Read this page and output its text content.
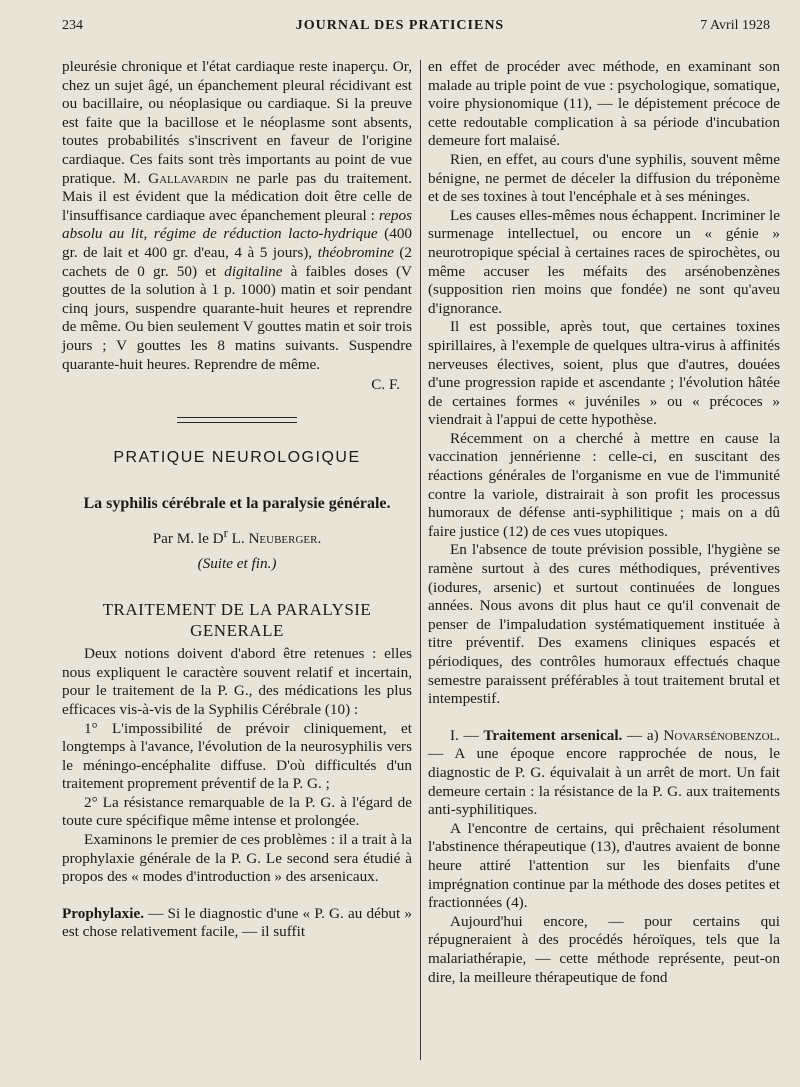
234	JOURNAL DES PRATICIENS	7 Avril 1928

pleurésie chronique et l'état cardiaque reste inaperçu. Or, chez un sujet âgé, un épanchement pleural récidivant est ou bacillaire, ou néoplasique ou cardiaque. Si la preuve est faite que la bacillose et le néoplasme sont absents, toutes probabilités s'inscrivent en faveur de l'origine cardiaque. Ces faits sont très importants au point de vue pratique. M. Gallavardin ne parle pas du traitement. Mais il est évident que la médication doit être celle de l'insuffisance cardiaque avec épanchement pleural : repos absolu au lit, régime de réduction lacto-hydrique (400 gr. de lait et 400 gr. d'eau, 4 à 5 jours), théobromine (2 cachets de 0 gr. 50) et digitaline à faibles doses (V gouttes de la solution à 1 p. 1000) matin et soir pendant cinq jours, suspendre quarante-huit heures et reprendre de même. Ou bien seulement V gouttes matin et soir trois jours ; V gouttes les 8 matins suivants. Suspendre quarante-huit heures. Reprendre de même.

C. F.

PRATIQUE NEUROLOGIQUE

La syphilis cérébrale et la paralysie générale.

Par M. le $D^r$ L. Neuberger.

(Suite et fin.)

TRAITEMENT DE LA PARALYSIE GENERALE

Deux notions doivent d'abord être retenues : elles nous expliquent le caractère souvent relatif et incertain, pour le traitement de la P. G., des médications les plus efficaces vis-à-vis de la Syphilis Cérébrale (10) :

1° L'impossibilité de prévoir cliniquement, et longtemps à l'avance, l'évolution de la neurosyphilis vers le méningo-encéphalite diffuse. D'où difficultés d'un traitement proprement préventif de la P. G. ;

2° La résistance remarquable de la P. G. à l'égard de toute cure spécifique même intense et prolongée.

Examinons le premier de ces problèmes : il a trait à la prophylaxie générale de la P. G. Le second sera étudié à propos des « modes d'introduction » des arsenicaux.

Prophylaxie. — Si le diagnostic d'une « P. G. au début » est chose relativement facile, — il suffit

en effet de procéder avec méthode, en examinant son malade au triple point de vue : psychologique, somatique, voire physionomique (11), — le dépistement précoce de cette redoutable complication à sa période d'incubation demeure fort malaisé.

Rien, en effet, au cours d'une syphilis, souvent même bénigne, ne permet de déceler la diffusion du tréponème et de ses toxines à tout l'encéphale et à ses méninges.

Les causes elles-mêmes nous échappent. Incriminer le surmenage intellectuel, ou encore un « génie » neurotropique spécial à certaines races de spirochètes, ou même accuser les méfaits des arsénobenzènes (supposition rien moins que fondée) ne sont qu'aveu d'ignorance.

Il est possible, après tout, que certaines toxines spirillaires, à l'exemple de quelques ultra-virus à affinités nerveuses électives, soient, plus que d'autres, douées d'une progression rapide et ascendante ; l'évolution hâtée de certaines formes « juvéniles » ou « précoces » viendrait à l'appui de cette hypothèse.

Récemment on a cherché à mettre en cause la vaccination jennérienne : celle-ci, en suscitant des réactions générales de l'organisme en vue de l'immunité contre la variole, distrairait à son profit les processus humoraux de défense anti-syphilitique ; mais on a dû faire justice (12) de ces vues utopiques.

En l'absence de toute prévision possible, l'hygiène se ramène surtout à des cures méthodiques, préventives (iodures, arsenic) et surtout continuées de longues années. Nous avons dit plus haut ce qu'il convenait de penser de l'impaludation systématiquement instituée à titre préventif. Des examens cliniques espacés et périodiques, des contrôles humoraux effectués chaque semestre paraissent préférables à tout traitement brutal et intempestif.

I. — Traitement arsenical. — a) Novarsénobenzol. — A une époque encore rapprochée de nous, le diagnostic de P. G. équivalait à un arrêt de mort. Un fait demeure certain : la résistance de la P. G. aux traitements anti-syphilitiques.

A l'encontre de certains, qui prêchaient résolument l'abstinence thérapeutique (13), d'autres avaient de bonne heure attiré l'attention sur les bienfaits d'une imprégnation continue par la méthode des doses petites et fractionnées (4).

Aujourd'hui encore, — pour certains qui répugneraient à des procédés héroïques, tels que la malariathérapie, — cette méthode représente, peut-on dire, la meilleure thérapeutique de fond
